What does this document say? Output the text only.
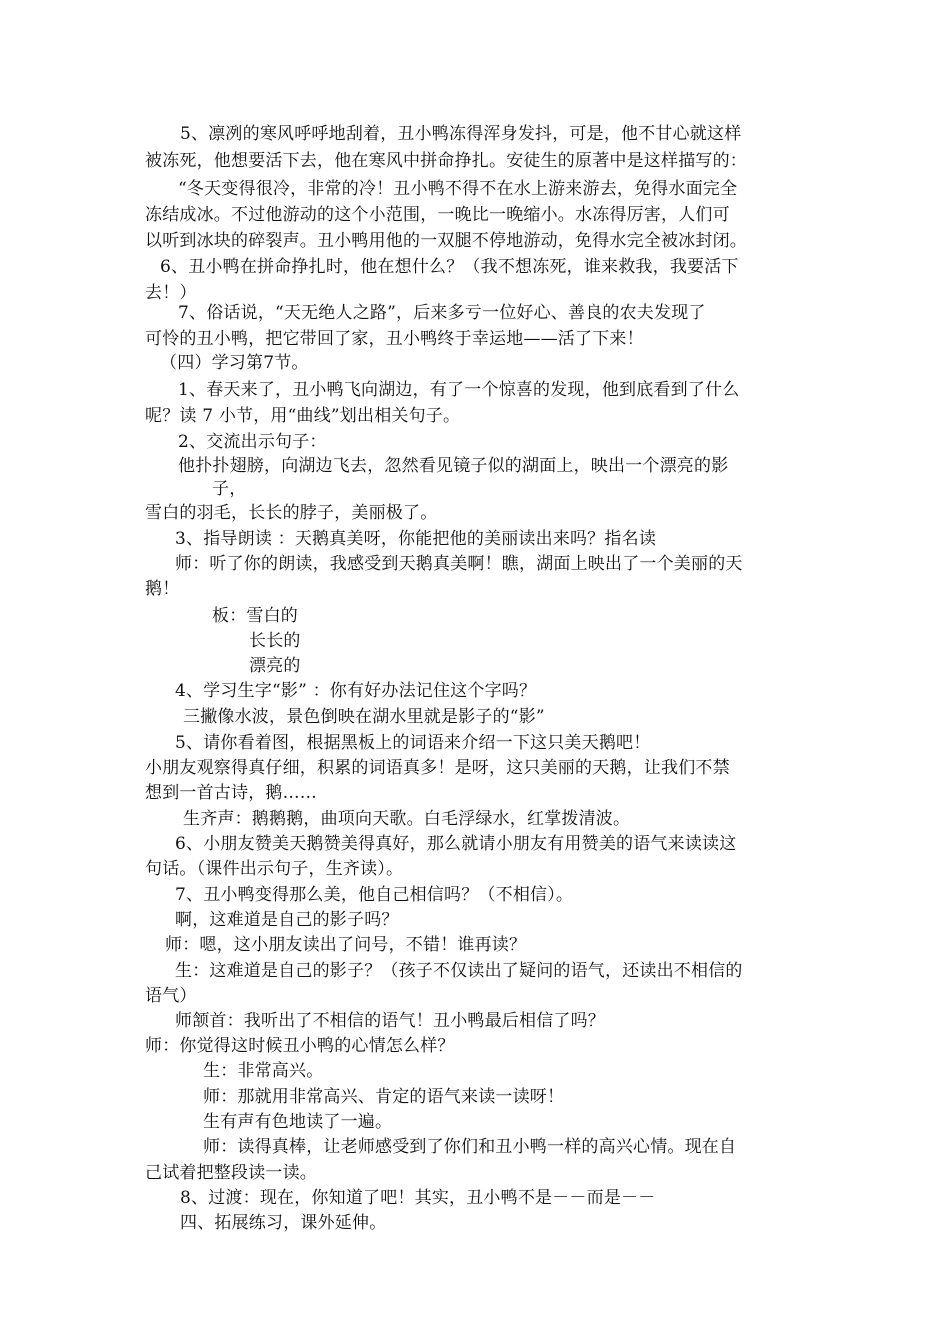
5、凛冽的寒风呼呼地刮着，丑小鸭冻得浑身发抖，可是，他不甘心就这样
被冻死，他想要活下去，他在寒风中拼命挣扎。安徒生的原著中是这样描写的：
“冬天变得很冷，非常的冷！丑小鸭不得不在水上游来游去，免得水面完全
冻结成冰。不过他游动的这个小范围，一晚比一晚缩小。水冻得厉害，人们可
以听到冰块的碎裂声。丑小鸭用他的一双腿不停地游动，免得水完全被冰封闭。
6、丑小鸭在拼命挣扎时，他在想什么？（我不想冻死，谁来救我，我要活下
去！）
7、俗话说，“天无绝人之路”，后来多亏一位好心、善良的农夫发现了
可怜的丑小鸭，把它带回了家，丑小鸭终于幸运地——活了下来！
（四）学习第7节。
1、春天来了，丑小鸭飞向湖边，有了一个惊喜的发现，他到底看到了什么
呢？读 7 小节，用“曲线”划出相关句子。
2、交流出示句子：
他扑扑翅膀，向湖边飞去，忽然看见镜子似的湖面上，映出一个漂亮的影
子，
雪白的羽毛，长长的脖子，美丽极了。
3、指导朗读 ：天鹅真美呀，你能把他的美丽读出来吗？指名读
师：听了你的朗读，我感受到天鹅真美啊！瞧，湖面上映出了一个美丽的天
鹅！
板：雪白的
长长的
漂亮的
4、学习生字“影” ：你有好办法记住这个字吗？
三撇像水波，景色倒映在湖水里就是影子的“影”
5、请你看着图，根据黑板上的词语来介绍一下这只美天鹅吧！
小朋友观察得真仔细，积累的词语真多！是呀，这只美丽的天鹅，让我们不禁
想到一首古诗，鹅……
生齐声：鹅鹅鹅，曲项向天歌。白毛浮绿水，红掌拨清波。
6、小朋友赞美天鹅赞美得真好，那么就请小朋友有用赞美的语气来读读这
句话。（课件出示句子，生齐读）。
7、丑小鸭变得那么美，他自己相信吗？（不相信）。
啊，这难道是自己的影子吗？
师：嗯，这小朋友读出了问号，不错！谁再读？
生：这难道是自己的影子？（孩子不仅读出了疑问的语气，还读出不相信的
语气）
师颔首：我听出了不相信的语气！丑小鸭最后相信了吗？
师：你觉得这时候丑小鸭的心情怎么样？
生：非常高兴。
师：那就用非常高兴、肯定的语气来读一读呀！
生有声有色地读了一遍。
师：读得真棒，让老师感受到了你们和丑小鸭一样的高兴心情。现在自
己试着把整段读一读。
8、过渡：现在，你知道了吧！其实，丑小鸭不是－－而是－－
四、拓展练习，课外延伸。
